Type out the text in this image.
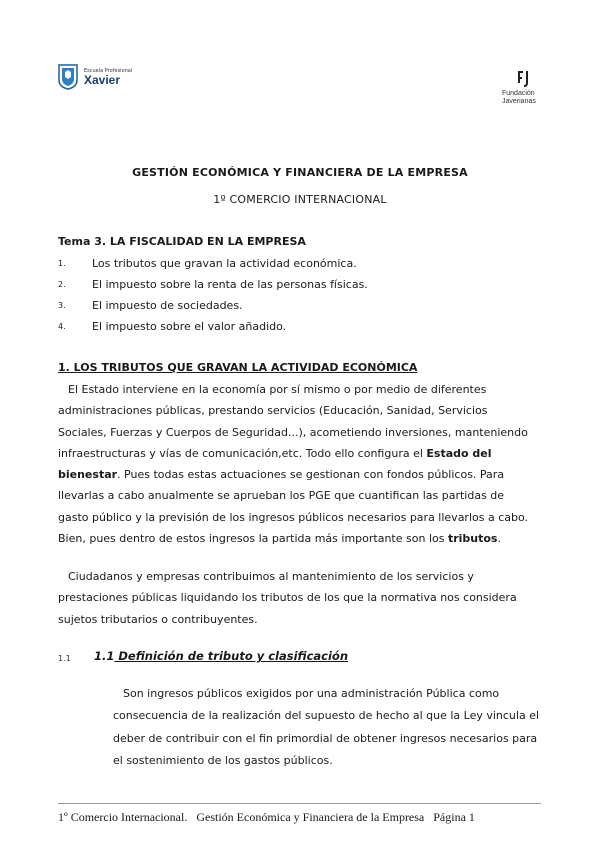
Escuela Profesional
Xavier
Fundación
Javerianas
GESTIÓN ECONÓMICA Y FINANCIERA DE LA EMPRESA
1º COMERCIO INTERNACIONAL
Tema 3. LA FISCALIDAD EN LA EMPRESA
1. Los tributos que gravan la actividad económica.
2. El impuesto sobre la renta de las personas físicas.
3. El impuesto de sociedades.
4. El impuesto sobre el valor añadido.
1. LOS TRIBUTOS QUE GRAVAN LA ACTIVIDAD ECONÓMICA
El Estado interviene en la economía por sí mismo o por medio de diferentes administraciones públicas, prestando servicios (Educación, Sanidad, Servicios Sociales, Fuerzas y Cuerpos de Seguridad...), acometiendo inversiones, manteniendo infraestructuras y vías de comunicación,etc. Todo ello configura el Estado del bienestar. Pues todas estas actuaciones se gestionan con fondos públicos. Para llevarlas a cabo anualmente se aprueban los PGE que cuantifican las partidas de gasto público y la previsión de los ingresos públicos necesarios para llevarlos a cabo. Bien, pues dentro de estos ingresos la partida más importante son los tributos.
Ciudadanos y empresas contribuimos al mantenimiento de los servicios y prestaciones públicas liquidando los tributos de los que la normativa nos considera sujetos tributarios o contribuyentes.
1.1 1.1 Definición de tributo y clasificación
Son ingresos públicos exigidos por una administración Pública como consecuencia de la realización del supuesto de hecho al que la Ley vincula el deber de contribuir con el fin primordial de obtener ingresos necesarios para el sostenimiento de los gastos públicos.
1º Comercio Internacional.   Gestión Económica y Financiera de la Empresa   Página 1
